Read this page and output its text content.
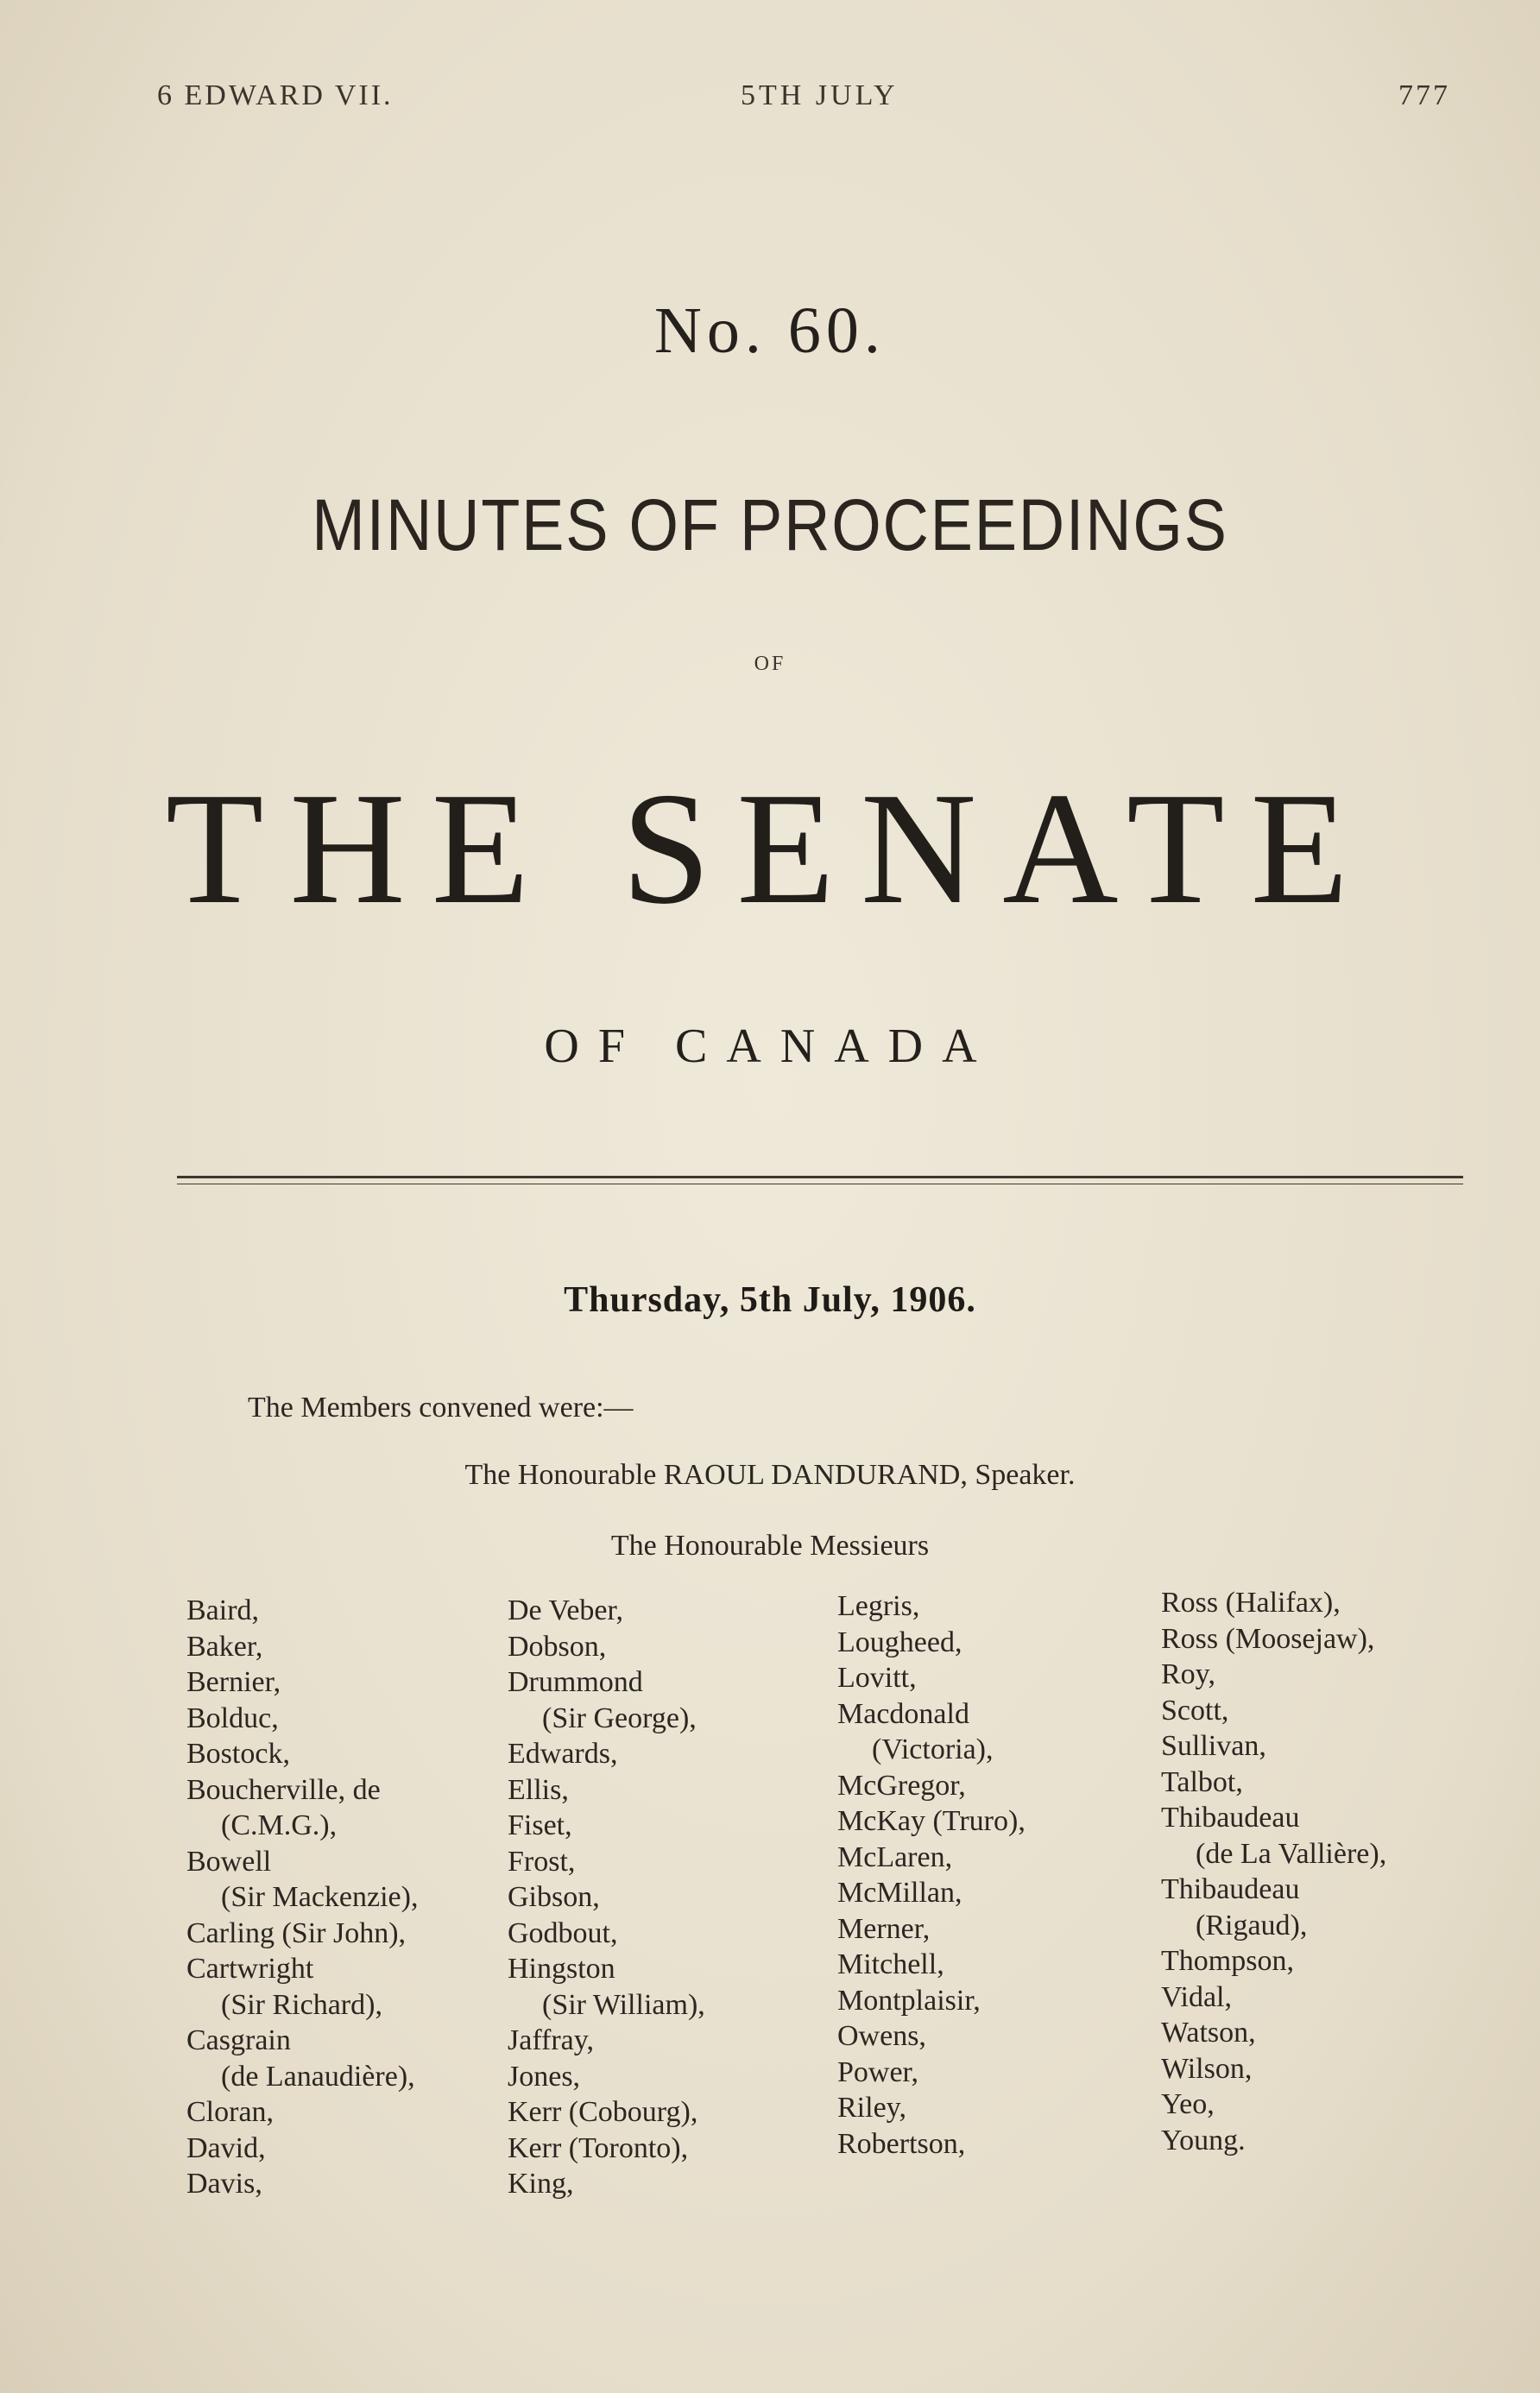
6 EDWARD VII.	5TH JULY	777
No. 60.
MINUTES OF PROCEEDINGS
OF
THE SENATE
OF CANADA
Thursday, 5th July, 1906.
The Members convened were:—
The Honourable RAOUL DANDURAND, Speaker.
The Honourable Messieurs
Baird,
Baker,
Bernier,
Bolduc,
Bostock,
Boucherville, de
(C.M.G.),
Bowell
(Sir Mackenzie),
Carling (Sir John),
Cartwright
(Sir Richard),
Casgrain
(de Lanaudière),
Cloran,
David,
Davis,
De Veber,
Dobson,
Drummond
(Sir George),
Edwards,
Ellis,
Fiset,
Frost,
Gibson,
Godbout,
Hingston
(Sir William),
Jaffray,
Jones,
Kerr (Cobourg),
Kerr (Toronto),
King,
Legris,
Lougheed,
Lovitt,
Macdonald
(Victoria),
McGregor,
McKay (Truro),
McLaren,
McMillan,
Merner,
Mitchell,
Montplaisir,
Owens,
Power,
Riley,
Robertson,
Ross (Halifax),
Ross (Moosejaw),
Roy,
Scott,
Sullivan,
Talbot,
Thibaudeau
(de La Vallière),
Thibaudeau
(Rigaud),
Thompson,
Vidal,
Watson,
Wilson,
Yeo,
Young.
